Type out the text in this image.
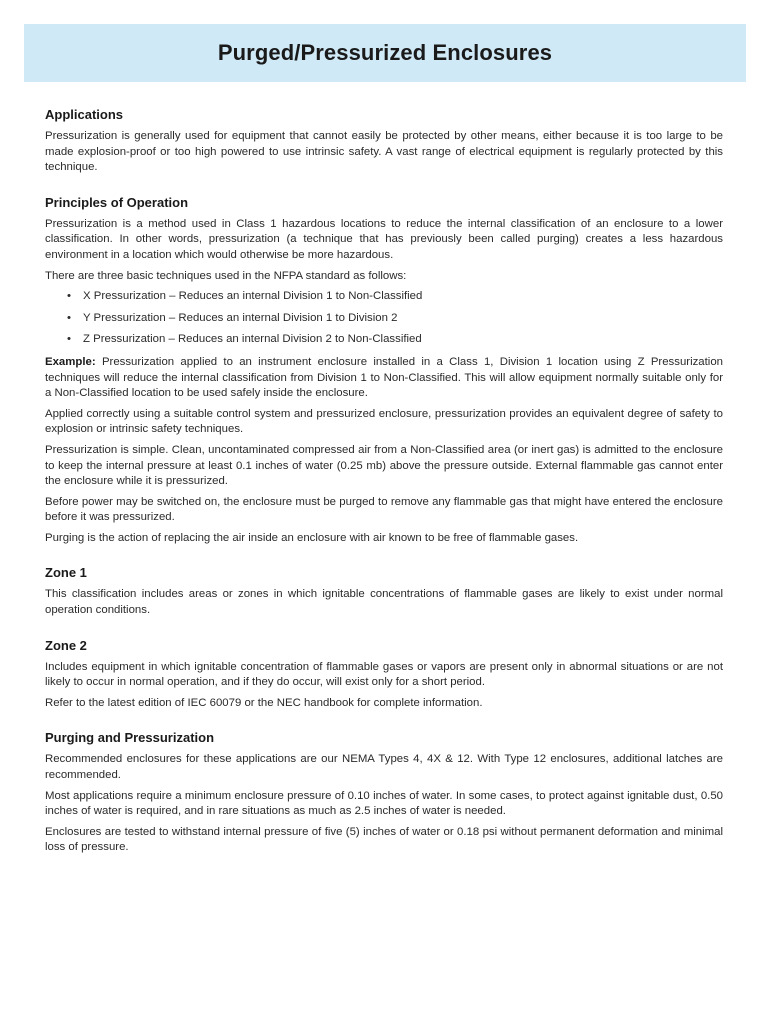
Purged/Pressurized Enclosures
Applications

Pressurization is generally used for equipment that cannot easily be protected by other means, either because it is too large to be made explosion-proof or too high powered to use intrinsic safety. A vast range of electrical equipment is regularly protected by this technique.

Principles of Operation

Pressurization is a method used in Class 1 hazardous locations to reduce the internal classification of an enclosure to a lower classification. In other words, pressurization (a technique that has previously been called purging) creates a less hazardous environment in a location which would otherwise be more hazardous.

There are three basic techniques used in the NFPA standard as follows:

• X Pressurization – Reduces an internal Division 1 to Non-Classified
• Y Pressurization – Reduces an internal Division 1 to Division 2
• Z Pressurization – Reduces an internal Division 2 to Non-Classified

Example: Pressurization applied to an instrument enclosure installed in a Class 1, Division 1 location using Z Pressurization techniques will reduce the internal classification from Division 1 to Non-Classified. This will allow equipment normally suitable only for a Non-Classified location to be used safely inside the enclosure.

Applied correctly using a suitable control system and pressurized enclosure, pressurization provides an equivalent degree of safety to explosion or intrinsic safety techniques.

Pressurization is simple. Clean, uncontaminated compressed air from a Non-Classified area (or inert gas) is admitted to the enclosure to keep the internal pressure at least 0.1 inches of water (0.25 mb) above the pressure outside. External flammable gas cannot enter the enclosure while it is pressurized.

Before power may be switched on, the enclosure must be purged to remove any flammable gas that might have entered the enclosure before it was pressurized.

Purging is the action of replacing the air inside an enclosure with air known to be free of flammable gases.

Zone 1

This classification includes areas or zones in which ignitable concentrations of flammable gases are likely to exist under normal operation conditions.

Zone 2

Includes equipment in which ignitable concentration of flammable gases or vapors are present only in abnormal situations or are not likely to occur in normal operation, and if they do occur, will exist only for a short period.

Refer to the latest edition of IEC 60079 or the NEC handbook for complete information.

Purging and Pressurization

Recommended enclosures for these applications are our NEMA Types 4, 4X & 12. With Type 12 enclosures, additional latches are recommended.

Most applications require a minimum enclosure pressure of 0.10 inches of water. In some cases, to protect against ignitable dust, 0.50 inches of water is required, and in rare situations as much as 2.5 inches of water is needed.

Enclosures are tested to withstand internal pressure of five (5) inches of water or 0.18 psi without permanent deformation and minimal loss of pressure.
